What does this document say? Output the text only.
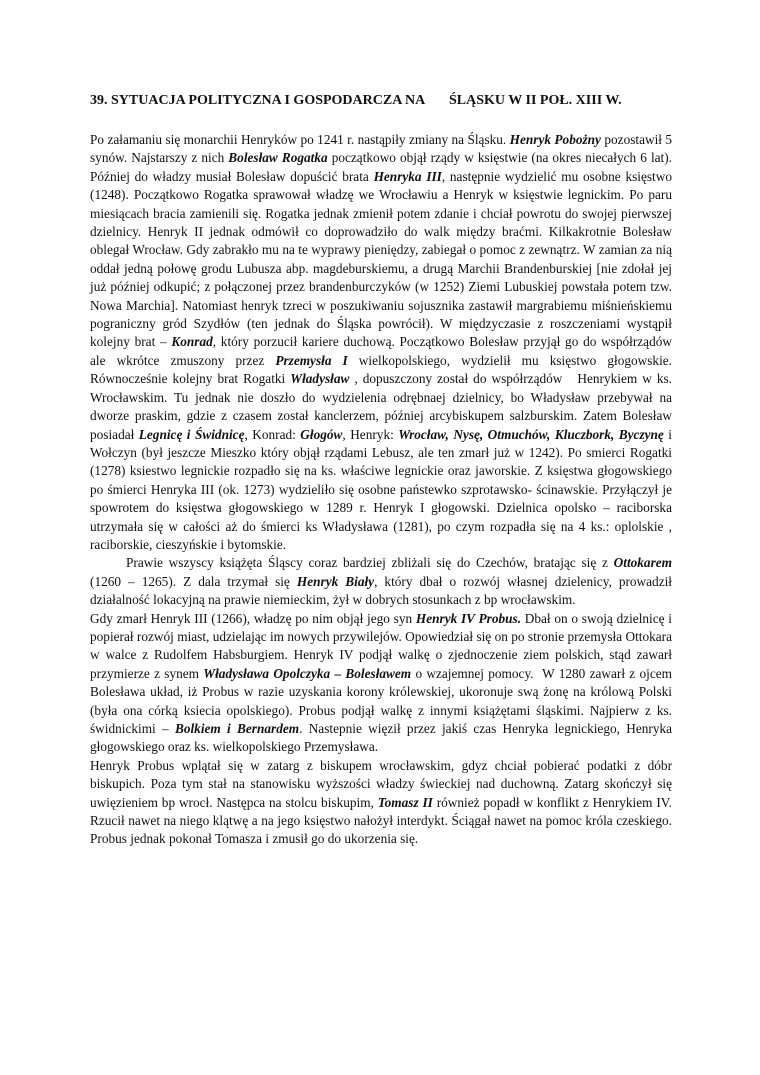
39. SYTUACJA POLITYCZNA I GOSPODARCZA NA       ŚLĄSKU W II POŁ. XIII W.

Po załamaniu się monarchii Henryków po 1241 r. nastąpiły zmiany na Śląsku. Henryk Pobożny pozostawił 5 synów. Najstarszy z nich Bolesław Rogatka początkowo objął rządy w księstwie (na okres niecałych 6 lat). Później do władzy musiał Bolesław dopuścić brata Henryka III, następnie wydzielić mu osobne księstwo (1248). Początkowo Rogatka sprawował władzę we Wrocławiu a Henryk w księstwie legnickim. Po paru miesiącach bracia zamienili się. Rogatka jednak zmienił potem zdanie i chciał powrotu do swojej pierwszej dzielnicy. Henryk II jednak odmówił co doprowadziło do walk między braćmi. Kilkakrotnie Bolesław oblegał Wrocław. Gdy zabrakło mu na te wyprawy pieniędzy, zabiegał o pomoc z zewnątrz. W zamian za nią oddał jedną połowę grodu Lubusza abp. magdeburskiemu, a drugą Marchii Brandenburskiej [nie zdołał jej już później odkupić; z połączonej przez brandenburczyków (w 1252) Ziemi Lubuskiej powstała potem tzw. Nowa Marchia]. Natomiast henryk tzreci w poszukiwaniu sojusznika zastawił margrabiemu miśnieńskiemu pograniczny gród Szydłów (ten jednak do Śląska powrócił). W międzyczasie z roszczeniami wystąpił kolejny brat – Konrad, który porzucił kariere duchową. Początkowo Bolesław przyjął go do współrządów ale wkrótce zmuszony przez Przemysła I wielkopolskiego, wydzielił mu księstwo głogowskie. Równocześnie kolejny brat Rogatki Władysław , dopuszczony został do współrządów   Henrykiem w ks. Wrocławskim. Tu jednak nie doszło do wydzielenia odrębnaej dzielnicy, bo Władysław przebywał na dworze praskim, gdzie z czasem został kanclerzem, później arcybiskupem salzburskim. Zatem Bolesław posiadał Legnicę i Świdnicę, Konrad: Głogów, Henryk: Wrocław, Nysę, Otmuchów, Kluczbork, Byczynę i Wołczyn (był jeszcze Mieszko który objął rządami Lebusz, ale ten zmarł już w 1242). Po smierci Rogatki (1278) ksiestwo legnickie rozpadło się na ks. właściwe legnickie oraz jaworskie. Z księstwa głogowskiego po śmierci Henryka III (ok. 1273) wydzieliło się osobne państewko szprotawsko- ścinawskie. Przyłączył je spowrotem do księstwa głogowskiego w 1289 r. Henryk I głogowski. Dzielnica opolsko – raciborska utrzymała się w całości aż do śmierci ks Władysława (1281), po czym rozpadła się na 4 ks.: oplolskie , raciborskie, cieszyńskie i bytomskie.

Prawie wszyscy książęta Śląscy coraz bardziej zbliżali się do Czechów, bratając się z Ottokarem (1260 – 1265). Z dala trzymał się Henryk Biały, który dbał o rozwój własnej dzielenicy, prowadził działalność lokacyjną na prawie niemieckim, żył w dobrych stosunkach z bp wrocławskim.

Gdy zmarł Henryk III (1266), władzę po nim objął jego syn Henryk IV Probus. Dbał on o swoją dzielnicę i popierał rozwój miast, udzielając im nowych przywilejów. Opowiedział się on po stronie przemysła Ottokara w walce z Rudolfem Habsburgiem. Henryk IV podjął walkę o zjednoczenie ziem polskich, stąd zawarł przymierze z synem Władysława Opolczyka – Bolesławem o wzajemnej pomocy.  W 1280 zawarł z ojcem Bolesława układ, iż Probus w razie uzyskania korony królewskiej, ukoronuje swą żonę na królową Polski (była ona córką ksiecia opolskiego). Probus podjął walkę z innymi książętami śląskimi. Najpierw z ks. świdnickimi – Bolkiem i Bernardem. Nastepnie więził przez jakiś czas Henryka legnickiego, Henryka głogowskiego oraz ks. wielkopolskiego Przemysława.

Henryk Probus wplątał się w zatarg z biskupem wrocławskim, gdyz chciał pobierać podatki z dóbr biskupich. Poza tym stał na stanowisku wyższości władzy świeckiej nad duchowną. Zatarg skończył się uwięzieniem bp wrocł. Następca na stolcu biskupim, Tomasz II również popadł w konflikt z Henrykiem IV. Rzucił nawet na niego klątwę a na jego księstwo nałożył interdykt. Ściągał nawet na pomoc króla czeskiego. Probus jednak pokonał Tomasza i zmusił go do ukorzenia się.
